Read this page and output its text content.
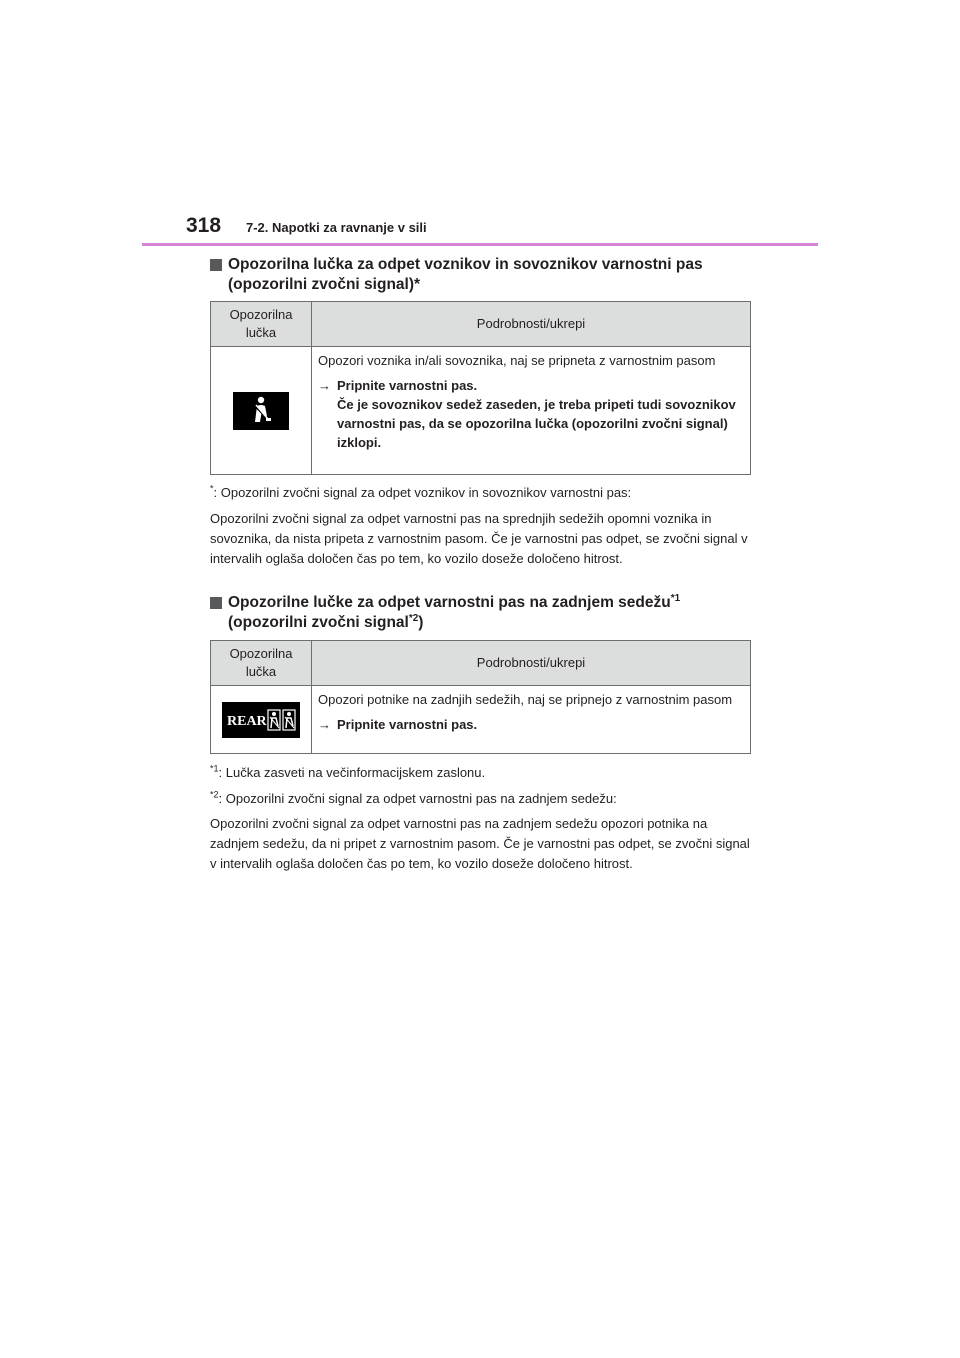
318 7-2. Napotki za ravnanje v sili
Opozorilna lučka za odpet voznikov in sovoznikov varnostni pas (opozorilni zvočni signal)*
Opozorilna lučka	Podrobnosti/ukrepi

Opozori voznika in/ali sovoznika, naj se pripneta z varnostnim pasom

→ Pripnite varnostni pas.
Če je sovoznikov sedež zaseden, je treba pripeti tudi sovoznikov varnostni pas, da se opozorilna lučka (opozorilni zvočni signal) izklopi.
*: Opozorilni zvočni signal za odpet voznikov in sovoznikov varnostni pas:
Opozorilni zvočni signal za odpet varnostni pas na sprednjih sedežih opomni voznika in sovoznika, da nista pripeta z varnostnim pasom. Če je varnostni pas odpet, se zvočni signal v intervalih oglaša določen čas po tem, ko vozilo doseže določeno hitrost.
Opozorilne lučke za odpet varnostni pas na zadnjem sedežu$^{*1}$
(opozorilni zvočni signal$^{*2}$)
Opozorilna lučka	Podrobnosti/ukrepi

REAR	Opozori potnike na zadnjih sedežih, naj se pripnejo z varnostnim pasom

→ Pripnite varnostni pas.
$^{*1}$: Lučka zasveti na večinformacijskem zaslonu.
$^{*2}$: Opozorilni zvočni signal za odpet varnostni pas na zadnjem sedežu:
Opozorilni zvočni signal za odpet varnostni pas na zadnjem sedežu opozori potnika na zadnjem sedežu, da ni pripet z varnostnim pasom. Če je varnostni pas odpet, se zvočni signal v intervalih oglaša določen čas po tem, ko vozilo doseže določeno hitrost.
